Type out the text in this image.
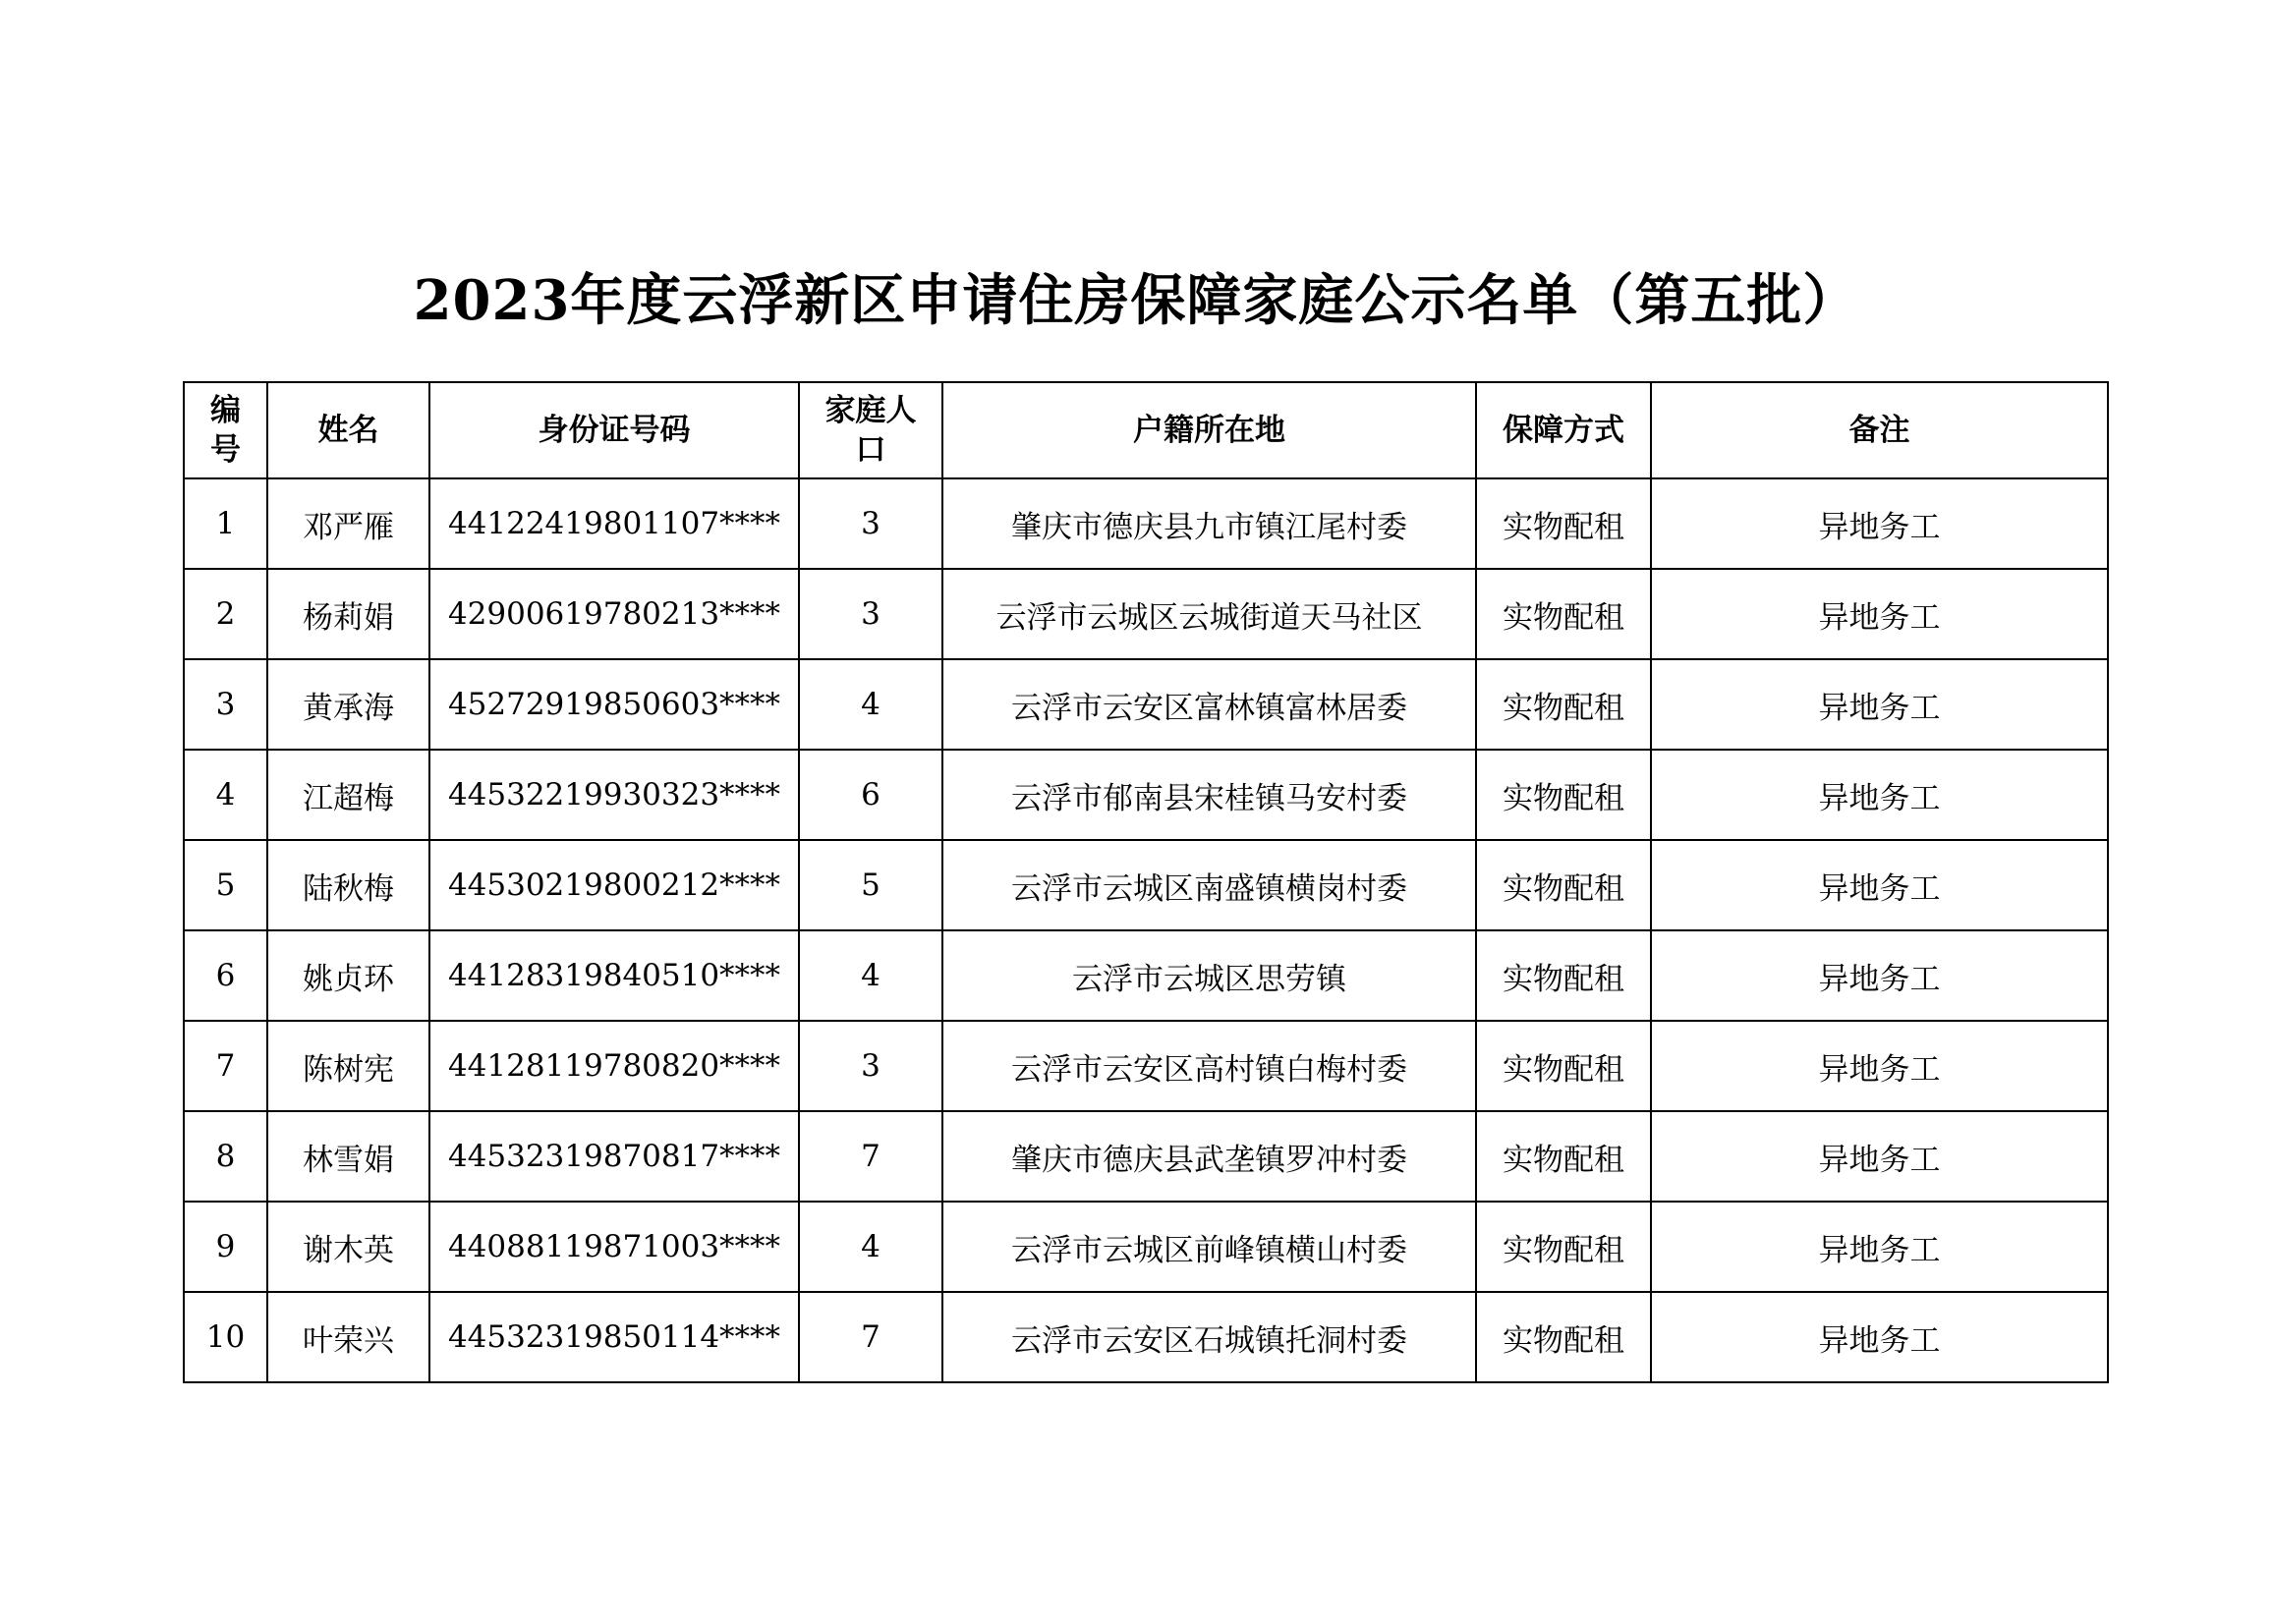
2023年度云浮新区申请住房保障家庭公示名单（第五批）
编号	姓名	身份证号码	家庭人口	户籍所在地	保障方式	备注
1	邓严雁	44122419801107****	3	肇庆市德庆县九市镇江尾村委	实物配租	异地务工
2	杨莉娟	42900619780213****	3	云浮市云城区云城街道天马社区	实物配租	异地务工
3	黄承海	45272919850603****	4	云浮市云安区富林镇富林居委	实物配租	异地务工
4	江超梅	44532219930323****	6	云浮市郁南县宋桂镇马安村委	实物配租	异地务工
5	陆秋梅	44530219800212****	5	云浮市云城区南盛镇横岗村委	实物配租	异地务工
6	姚贞环	44128319840510****	4	云浮市云城区思劳镇	实物配租	异地务工
7	陈树宪	44128119780820****	3	云浮市云安区高村镇白梅村委	实物配租	异地务工
8	林雪娟	44532319870817****	7	肇庆市德庆县武垄镇罗冲村委	实物配租	异地务工
9	谢木英	44088119871003****	4	云浮市云城区前峰镇横山村委	实物配租	异地务工
10	叶荣兴	44532319850114****	7	云浮市云安区石城镇托洞村委	实物配租	异地务工
